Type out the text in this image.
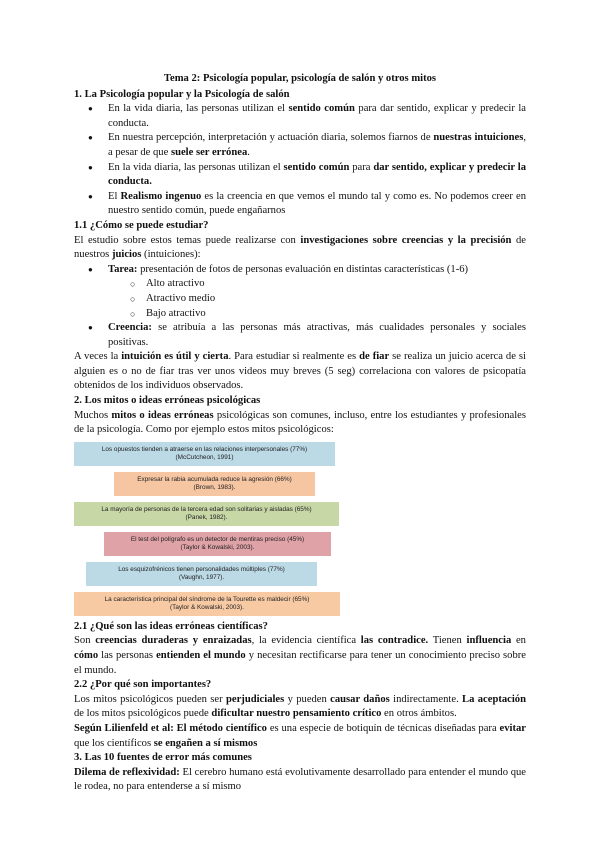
Tema 2: Psicología popular, psicología de salón y otros mitos
1. La Psicología popular y la Psicología de salón
● En la vida diaria, las personas utilizan el sentido común para dar sentido, explicar y predecir la conducta.
● En nuestra percepción, interpretación y actuación diaria, solemos fiarnos de nuestras intuiciones, a pesar de que suele ser errónea.
● En la vida diaria, las personas utilizan el sentido común para dar sentido, explicar y predecir la conducta.
● El Realismo ingenuo es la creencia en que vemos el mundo tal y como es. No podemos creer en nuestro sentido común, puede engañarnos
1.1 ¿Cómo se puede estudiar?

El estudio sobre estos temas puede realizarse con investigaciones sobre creencias y la precisión de nuestros juicios (intuiciones):

● Tarea: presentación de fotos de personas evaluación en distintas características (1-6)
○ Alto atractivo
○ Atractivo medio
○ Bajo atractivo
● Creencia: se atribuía a las personas más atractivas, más cualidades personales y sociales positivas.

A veces la intuición es útil y cierta. Para estudiar si realmente es de fiar se realiza un juicio acerca de si alguien es o no de fiar tras ver unos videos muy breves (5 seg) correlaciona con valores de psicopatía obtenidos de los individuos observados.

2. Los mitos o ideas erróneas psicológicas

Muchos mitos o ideas erróneas psicológicas son comunes, incluso, entre los estudiantes y profesionales de la psicología. Como por ejemplo estos mitos psicológicos:

Los opuestos tienden a atraerse en las relaciones interpersonales (77%)
(McCutcheon, 1991)
Expresar la rabia acumulada reduce la agresión (66%)
(Brown, 1983).
La mayoría de personas de la tercera edad son solitarias y aisladas (65%)
(Panek, 1982).
El test del polígrafo es un detector de mentiras preciso (45%)
(Taylor & Kowalski, 2003).
Los esquizofrénicos tienen personalidades múltiples (77%)
(Vaughn, 1977).
La característica principal del síndrome de la Tourette es maldecir (65%)
(Taylor & Kowalski, 2003).
2.1 ¿Qué son las ideas erróneas científicas?

Son creencias duraderas y enraizadas, la evidencia científica las contradice. Tienen influencia en cómo las personas entienden el mundo y necesitan rectificarse para tener un conocimiento preciso sobre el mundo.

2.2 ¿Por qué son importantes?

Los mitos psicológicos pueden ser perjudiciales y pueden causar daños indirectamente. La aceptación de los mitos psicológicos puede dificultar nuestro pensamiento crítico en otros ámbitos.

Según Lilienfeld et al: El método científico es una especie de botiquín de técnicas diseñadas para evitar que los científicos se engañen a sí mismos

3. Las 10 fuentes de error más comunes

Dilema de reflexividad: El cerebro humano está evolutivamente desarrollado para entender el mundo que le rodea, no para entenderse a sí mismo
